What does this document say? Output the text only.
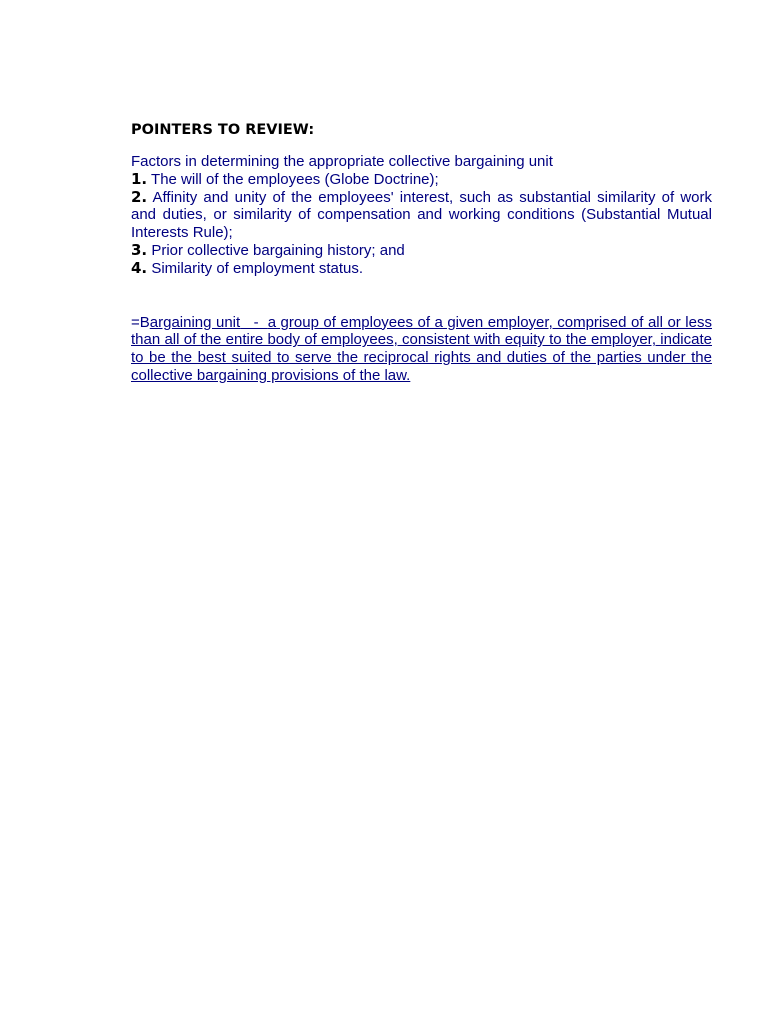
POINTERS TO REVIEW:
Factors in determining the appropriate collective bargaining unit
1. The will of the employees (Globe Doctrine);
2. Affinity and unity of the employees' interest, such as substantial similarity of work and duties, or similarity of compensation and working conditions (Substantial Mutual Interests Rule);
3. Prior collective bargaining history; and
4. Similarity of employment status.
=Bargaining unit   -  a group of employees of a given employer, comprised of all or less than all of the entire body of employees, consistent with equity to the employer, indicate to be the best suited to serve the reciprocal rights and duties of the parties under the collective bargaining provisions of the law.
